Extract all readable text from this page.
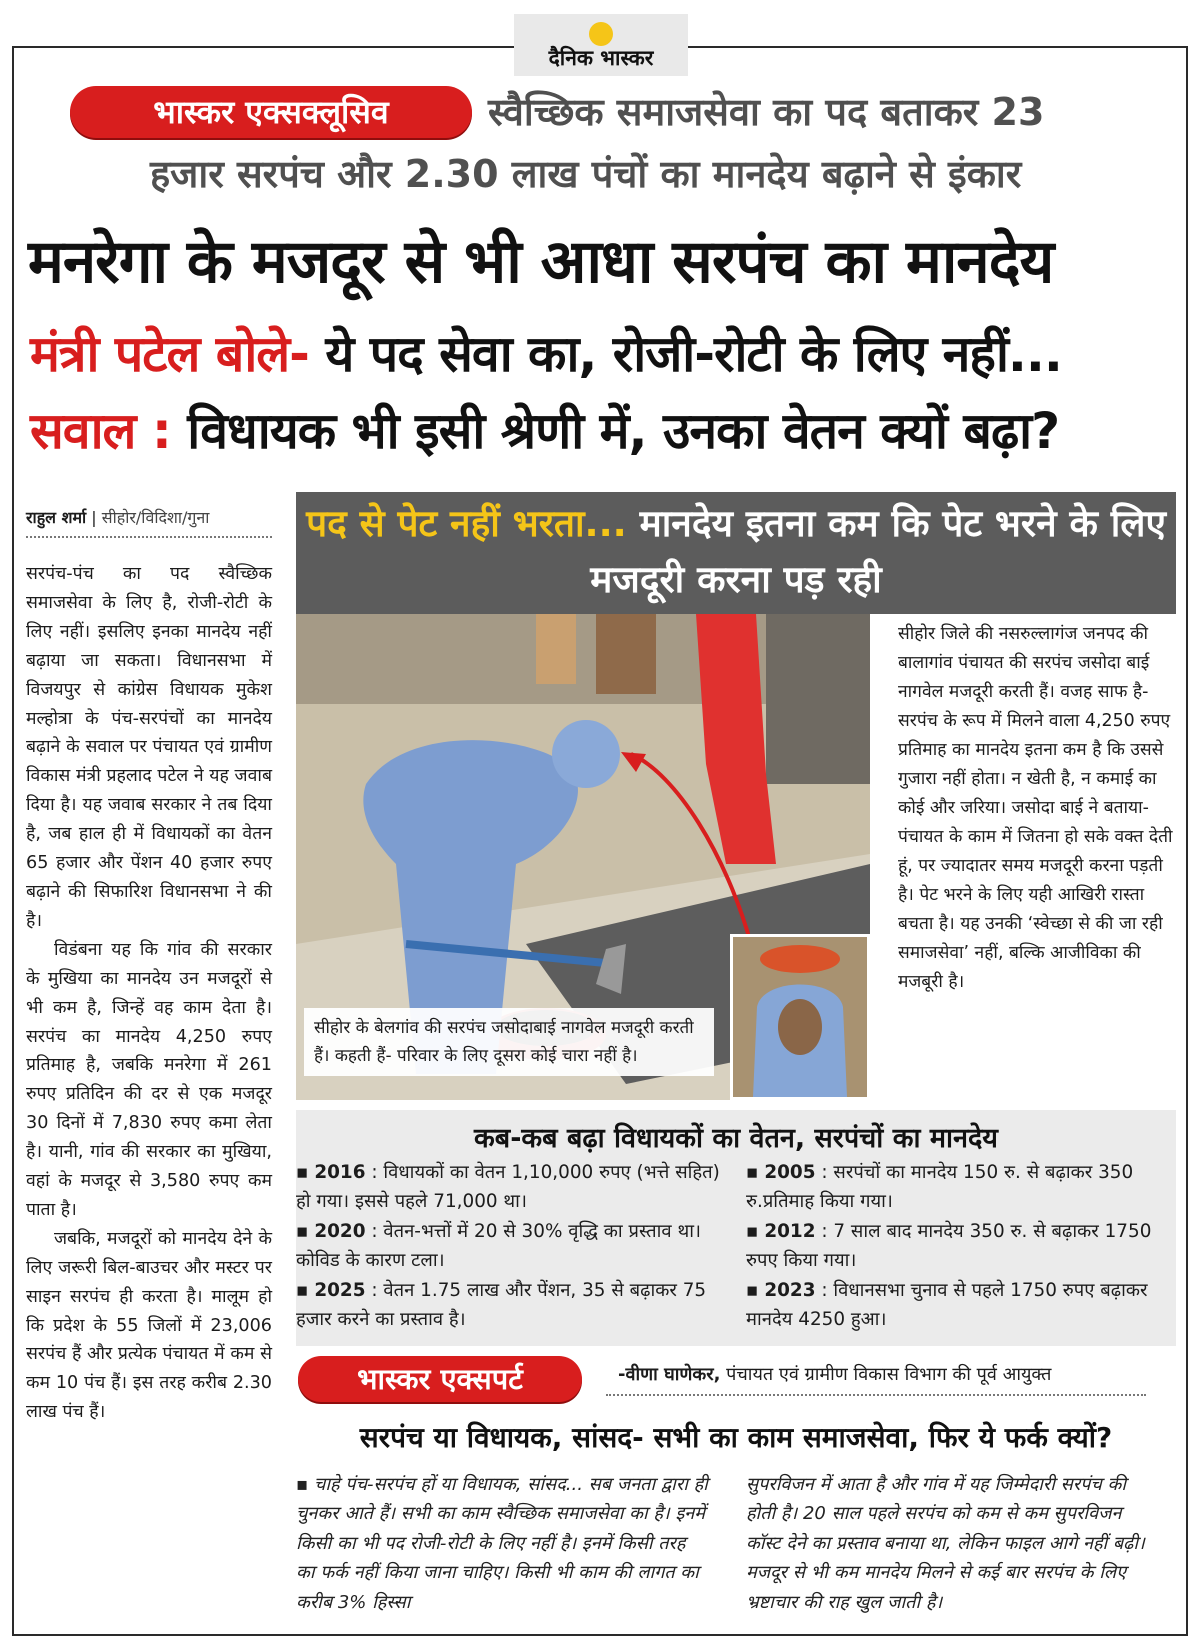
दैनिक भास्कर
भास्कर एक्सक्लूसिव	स्वैच्छिक समाजसेवा का पद बताकर 23
हजार सरपंच और 2.30 लाख पंचों का मानदेय बढ़ाने से इंकार
मनरेगा के मजदूर से भी आधा सरपंच का मानदेय
मंत्री पटेल बोले- ये पद सेवा का, रोजी-रोटी के लिए नहीं...
सवाल : विधायक भी इसी श्रेणी में, उनका वेतन क्यों बढ़ा?
राहुल शर्मा | सीहोर/विदिशा/गुना

सरपंच-पंच का पद स्वैच्छिक समाजसेवा के लिए है, रोजी-रोटी के लिए नहीं। इसलिए इनका मानदेय नहीं बढ़ाया जा सकता। विधानसभा में विजयपुर से कांग्रेस विधायक मुकेश मल्होत्रा के पंच-सरपंचों का मानदेय बढ़ाने के सवाल पर पंचायत एवं ग्रामीण विकास मंत्री प्रहलाद पटेल ने यह जवाब दिया है। यह जवाब सरकार ने तब दिया है, जब हाल ही में विधायकों का वेतन 65 हजार और पेंशन 40 हजार रुपए बढ़ाने की सिफारिश विधानसभा ने की है।

विडंबना यह कि गांव की सरकार के मुखिया का मानदेय उन मजदूरों से भी कम है, जिन्हें वह काम देता है। सरपंच का मानदेय 4,250 रुपए प्रतिमाह है, जबकि मनरेगा में 261 रुपए प्रतिदिन की दर से एक मजदूर 30 दिनों में 7,830 रुपए कमा लेता है। यानी, गांव की सरकार का मुखिया, वहां के मजदूर से 3,580 रुपए कम पाता है।

जबकि, मजदूरों को मानदेय देने के लिए जरूरी बिल-बाउचर और मस्टर पर साइन सरपंच ही करता है। मालूम हो कि प्रदेश के 55 जिलों में 23,006 सरपंच हैं और प्रत्येक पंचायत में कम से कम 10 पंच हैं। इस तरह करीब 2.30 लाख पंच हैं।

पद से पेट नहीं भरता... मानदेय इतना कम कि पेट भरने के लिए मजदूरी करना पड़ रही
सीहोर के बेलगांव की सरपंच जसोदाबाई नागवेल मजदूरी करती हैं। कहती हैं- परिवार के लिए दूसरा कोई चारा नहीं है।
सीहोर जिले की नसरुल्लागंज जनपद की बालागांव पंचायत की सरपंच जसोदा बाई नागवेल मजदूरी करती हैं। वजह साफ है- सरपंच के रूप में मिलने वाला 4,250 रुपए प्रतिमाह का मानदेय इतना कम है कि उससे गुजारा नहीं होता। न खेती है, न कमाई का कोई और जरिया। जसोदा बाई ने बताया- पंचायत के काम में जितना हो सके वक्त देती हूं, पर ज्यादातर समय मजदूरी करना पड़ती है। पेट भरने के लिए यही आखिरी रास्ता बचता है। यह उनकी ‘स्वेच्छा से की जा रही समाजसेवा’ नहीं, बल्कि आजीविका की मजबूरी है।
कब-कब बढ़ा विधायकों का वेतन, सरपंचों का मानदेय
▪ 2016 : विधायकों का वेतन 1,10,000 रुपए (भत्ते सहित) हो गया। इससे पहले 71,000 था।
▪ 2020 : वेतन-भत्तों में 20 से 30% वृद्धि का प्रस्ताव था। कोविड के कारण टला।
▪ 2025 : वेतन 1.75 लाख और पेंशन, 35 से बढ़ाकर 75 हजार करने का प्रस्ताव है।
▪ 2005 : सरपंचों का मानदेय 150 रु. से बढ़ाकर 350 रु.प्रतिमाह किया गया।
▪ 2012 : 7 साल बाद मानदेय 350 रु. से बढ़ाकर 1750 रुपए किया गया।
▪ 2023 : विधानसभा चुनाव से पहले 1750 रुपए बढ़ाकर मानदेय 4250 हुआ।
भास्कर एक्सपर्ट	-वीणा घाणेकर, पंचायत एवं ग्रामीण विकास विभाग की पूर्व आयुक्त
सरपंच या विधायक, सांसद- सभी का काम समाजसेवा, फिर ये फर्क क्यों?
▪ चाहे पंच-सरपंच हों या विधायक, सांसद... सब जनता द्वारा ही चुनकर आते हैं। सभी का काम स्वैच्छिक समाजसेवा का है। इनमें किसी का भी पद रोजी-रोटी के लिए नहीं है। इनमें किसी तरह का फर्क नहीं किया जाना चाहिए। किसी भी काम की लागत का करीब 3% हिस्सा
सुपरविजन में आता है और गांव में यह जिम्मेदारी सरपंच की होती है। 20 साल पहले सरपंच को कम से कम सुपरविजन कॉस्ट देने का प्रस्ताव बनाया था, लेकिन फाइल आगे नहीं बढ़ी। मजदूर से भी कम मानदेय मिलने से कई बार सरपंच के लिए भ्रष्टाचार की राह खुल जाती है।
